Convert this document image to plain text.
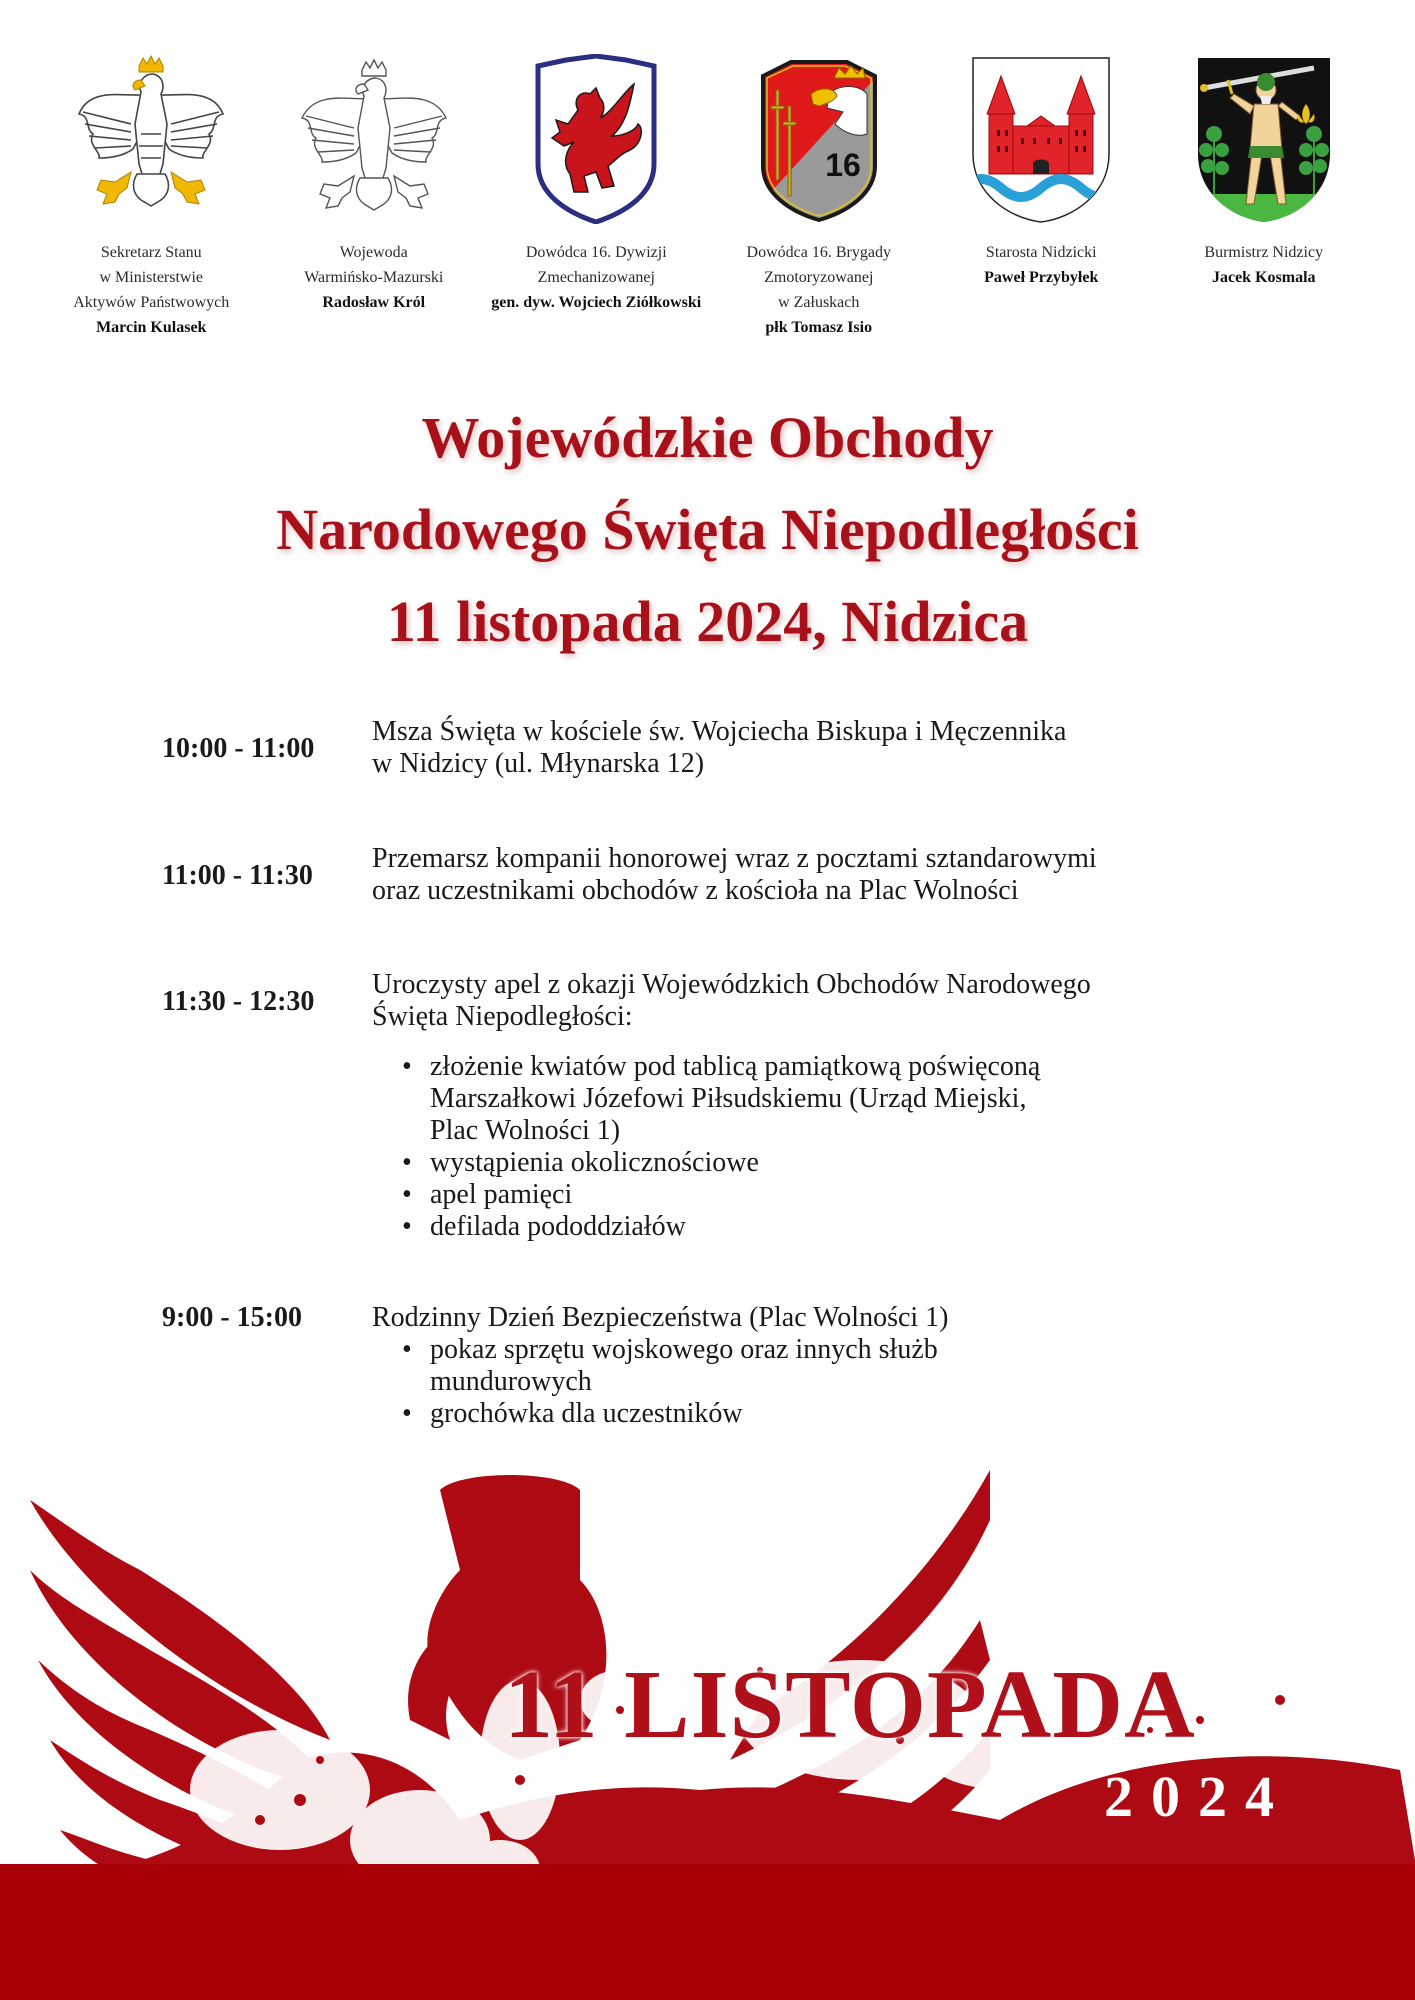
Sekretarz Stanu
w Ministerstwie
Aktywów Państwowych
Marcin Kulasek
Wojewoda
Warmińsko-Mazurski
Radosław Król
Dowódca 16. Dywizji
Zmechanizowanej
gen. dyw. Wojciech Ziółkowski
16
Dowódca 16. Brygady
Zmotoryzowanej
w Załuskach
płk Tomasz Isio
Starosta Nidzicki
Paweł Przybyłek
Burmistrz Nidzicy
Jacek Kosmala
Wojewódzkie Obchody
Narodowego Święta Niepodległości
11 listopada 2024, Nidzica
10:00 - 11:00
Msza Święta w kościele św. Wojciecha Biskupa i Męczennika
w Nidzicy (ul. Młynarska 12)
11:00 - 11:30
Przemarsz kompanii honorowej wraz z pocztami sztandarowymi
oraz uczestnikami obchodów z kościoła na Plac Wolności
11:30 - 12:30
Uroczysty apel z okazji Wojewódzkich Obchodów Narodowego
Święta Niepodległości:
• złożenie kwiatów pod tablicą pamiątkową poświęconą
Marszałkowi Józefowi Piłsudskiemu (Urząd Miejski,
Plac Wolności 1)
• wystąpienia okolicznościowe
• apel pamięci
• defilada pododdziałów
9:00 - 15:00	Rodzinny Dzień Bezpieczeństwa (Plac Wolności 1)
• pokaz sprzętu wojskowego oraz innych służb
mundurowych
• grochówka dla uczestników
11 LISTOPADA
2024
